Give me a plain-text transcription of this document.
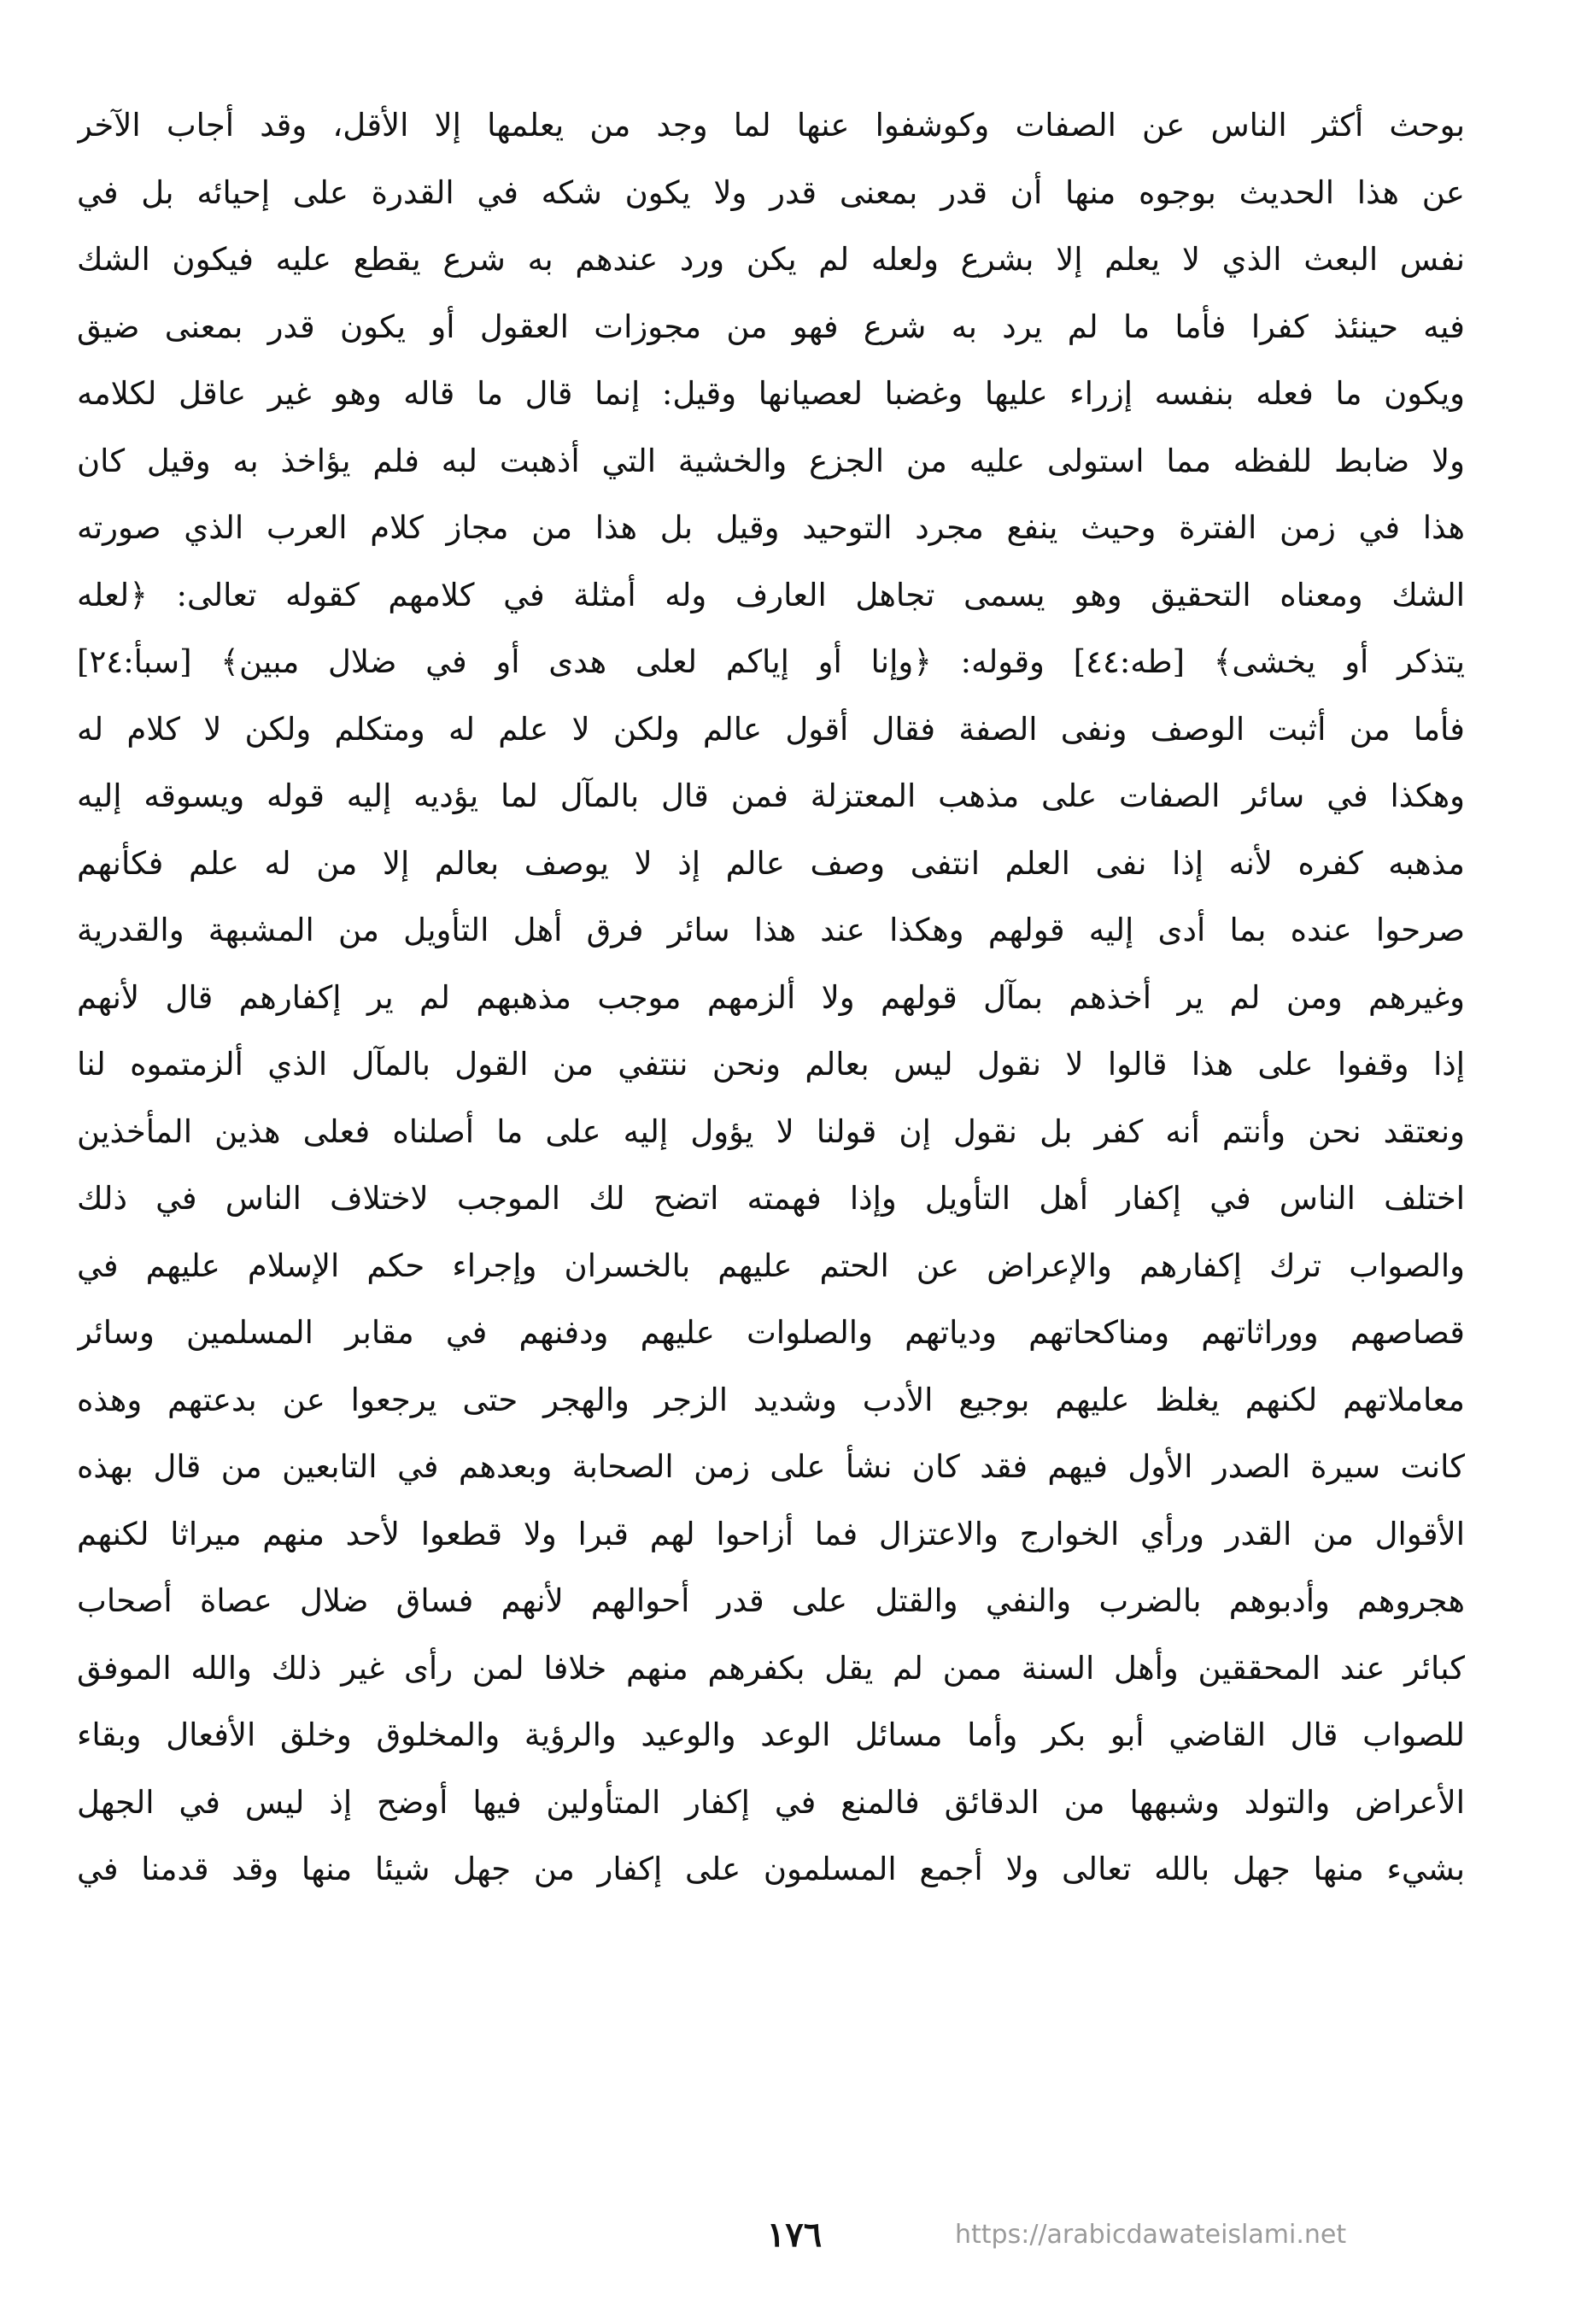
بوحث أكثر الناس عن الصفات وكوشفوا عنها لما وجد من يعلمها إلا الأقل، وقد أجاب الآخر
عن هذا الحديث بوجوه منها أن قدر بمعنى قدر ولا يكون شكه في القدرة على إحيائه بل في
نفس البعث الذي لا يعلم إلا بشرع ولعله لم يكن ورد عندهم به شرع يقطع عليه فيكون الشك
فيه حينئذ كفرا فأما ما لم يرد به شرع فهو من مجوزات العقول أو يكون قدر بمعنى ضيق
ويكون ما فعله بنفسه إزراء عليها وغضبا لعصيانها وقيل: إنما قال ما قاله وهو غير عاقل لكلامه
ولا ضابط للفظه مما استولى عليه من الجزع والخشية التي أذهبت لبه فلم يؤاخذ به وقيل كان
هذا في زمن الفترة وحيث ينفع مجرد التوحيد وقيل بل هذا من مجاز كلام العرب الذي صورته
الشك ومعناه التحقيق وهو يسمى تجاهل العارف وله أمثلة في كلامهم كقوله تعالى: ﴿لعله
يتذكر أو يخشى﴾ [طه:٤٤] وقوله: ﴿وإنا أو إياكم لعلى هدى أو في ضلال مبين﴾ [سبأ:٢٤]
فأما من أثبت الوصف ونفى الصفة فقال أقول عالم ولكن لا علم له ومتكلم ولكن لا كلام له
وهكذا في سائر الصفات على مذهب المعتزلة فمن قال بالمآل لما يؤديه إليه قوله ويسوقه إليه
مذهبه كفره لأنه إذا نفى العلم انتفى وصف عالم إذ لا يوصف بعالم إلا من له علم فكأنهم
صرحوا عنده بما أدى إليه قولهم وهكذا عند هذا سائر فرق أهل التأويل من المشبهة والقدرية
وغيرهم ومن لم ير أخذهم بمآل قولهم ولا ألزمهم موجب مذهبهم لم ير إكفارهم قال لأنهم
إذا وقفوا على هذا قالوا لا نقول ليس بعالم ونحن ننتفي من القول بالمآل الذي ألزمتموه لنا
ونعتقد نحن وأنتم أنه كفر بل نقول إن قولنا لا يؤول إليه على ما أصلناه فعلى هذين المأخذين
اختلف الناس في إكفار أهل التأويل وإذا فهمته اتضح لك الموجب لاختلاف الناس في ذلك
والصواب ترك إكفارهم والإعراض عن الحتم عليهم بالخسران وإجراء حكم الإسلام عليهم في
قصاصهم ووراثاتهم ومناكحاتهم ودياتهم والصلوات عليهم ودفنهم في مقابر المسلمين وسائر
معاملاتهم لكنهم يغلظ عليهم بوجيع الأدب وشديد الزجر والهجر حتى يرجعوا عن بدعتهم وهذه
كانت سيرة الصدر الأول فيهم فقد كان نشأ على زمن الصحابة وبعدهم في التابعين من قال بهذه
الأقوال من القدر ورأي الخوارج والاعتزال فما أزاحوا لهم قبرا ولا قطعوا لأحد منهم ميراثا لكنهم
هجروهم وأدبوهم بالضرب والنفي والقتل على قدر أحوالهم لأنهم فساق ضلال عصاة أصحاب
كبائر عند المحققين وأهل السنة ممن لم يقل بكفرهم منهم خلافا لمن رأى غير ذلك والله الموفق
للصواب قال القاضي أبو بكر وأما مسائل الوعد والوعيد والرؤية والمخلوق وخلق الأفعال وبقاء
الأعراض والتولد وشبهها من الدقائق فالمنع في إكفار المتأولين فيها أوضح إذ ليس في الجهل
بشيء منها جهل بالله تعالى ولا أجمع المسلمون على إكفار من جهل شيئا منها وقد قدمنا في
١٧٦	https://arabicdawateislami.net
